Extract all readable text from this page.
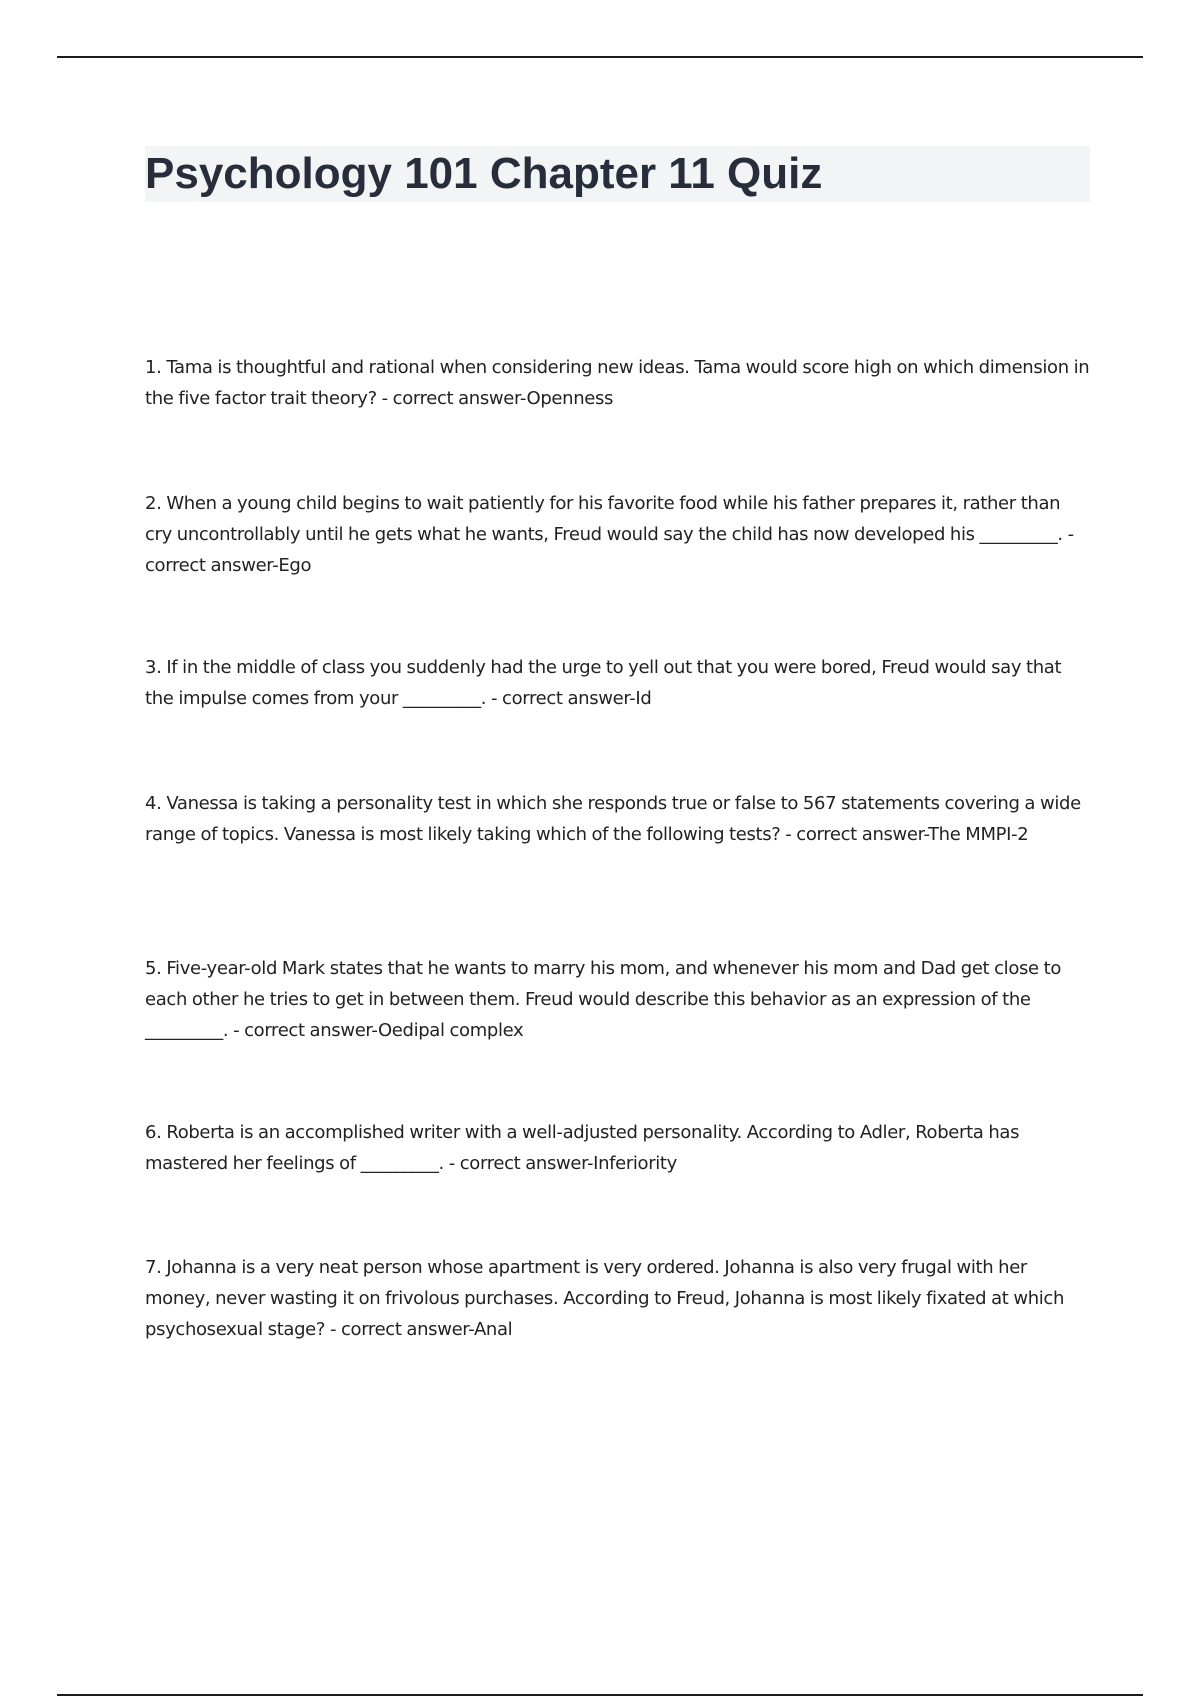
Psychology 101 Chapter 11 Quiz
1. Tama is thoughtful and rational when considering new ideas. Tama would score high on which dimension in the five factor trait theory? - correct answer-Openness
2. When a young child begins to wait patiently for his favorite food while his father prepares it, rather than cry uncontrollably until he gets what he wants, Freud would say the child has now developed his _________. - correct answer-Ego
3. If in the middle of class you suddenly had the urge to yell out that you were bored, Freud would say that the impulse comes from your _________. - correct answer-Id
4. Vanessa is taking a personality test in which she responds true or false to 567 statements covering a wide range of topics. Vanessa is most likely taking which of the following tests? - correct answer-The MMPI-2
5. Five-year-old Mark states that he wants to marry his mom, and whenever his mom and Dad get close to each other he tries to get in between them. Freud would describe this behavior as an expression of the _________. - correct answer-Oedipal complex
6. Roberta is an accomplished writer with a well-adjusted personality. According to Adler, Roberta has mastered her feelings of _________. - correct answer-Inferiority
7. Johanna is a very neat person whose apartment is very ordered. Johanna is also very frugal with her money, never wasting it on frivolous purchases. According to Freud, Johanna is most likely fixated at which psychosexual stage? - correct answer-Anal
